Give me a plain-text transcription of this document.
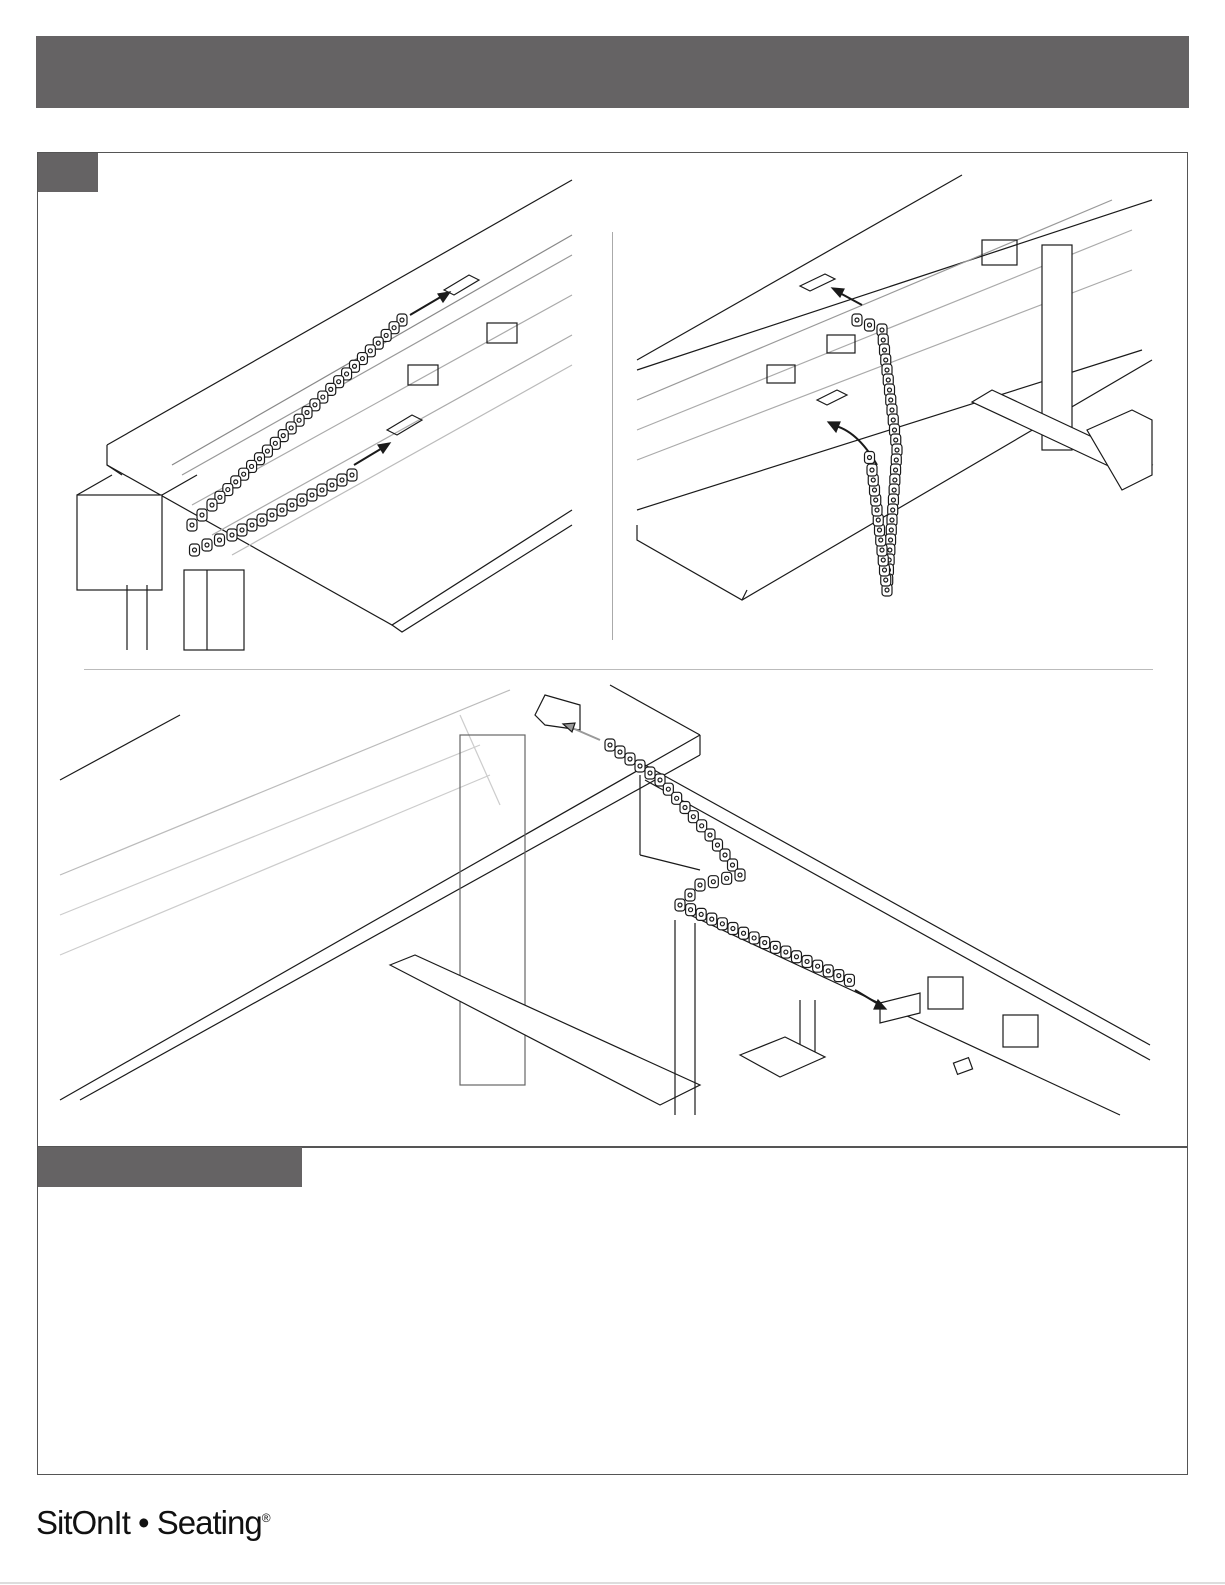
SitOnIt • Seating®
